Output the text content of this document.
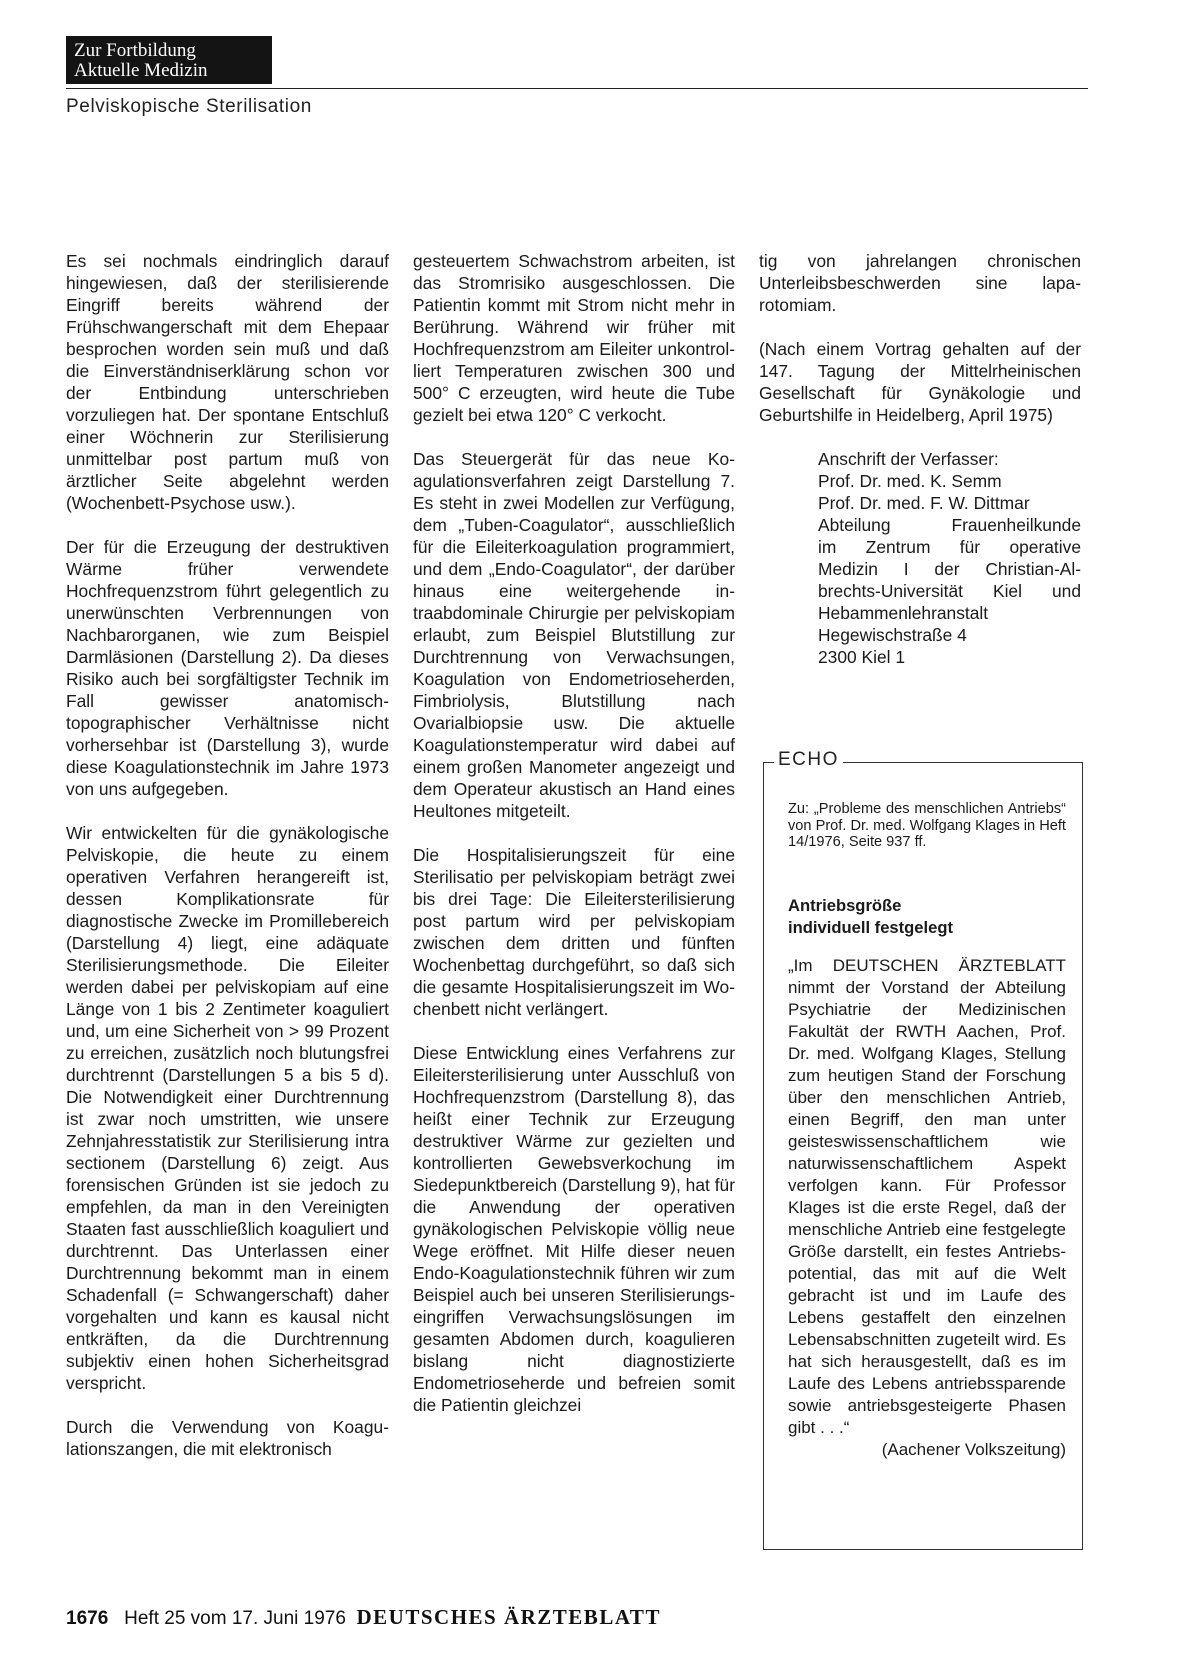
Zur Fortbildung
Aktuelle Medizin
Pelviskopische Sterilisation

Es sei nochmals eindringlich darauf hingewiesen, daß der sterilisierende Eingriff bereits während der Frühschwangerschaft mit dem Ehepaar besprochen worden sein muß und daß die Einverständniserklärung schon vor der Entbindung unterschrieben vorzuliegen hat. Der spontane Entschluß einer Wöchnerin zur Sterilisierung unmittelbar post partum muß von ärztlicher Seite abgelehnt werden (Wochenbett-Psychose usw.).

Der für die Erzeugung der destruktiven Wärme früher verwendete Hochfrequenzstrom führt gelegentlich zu unerwünschten Verbrennungen von Nachbarorganen, wie zum Beispiel Darmläsionen (Darstellung 2). Da dieses Risiko auch bei sorgfältigster Technik im Fall gewisser anatomisch-topographischer Verhältnisse nicht vorhersehbar ist (Darstellung 3), wurde diese Koagulationstechnik im Jahre 1973 von uns aufgegeben.

Wir entwickelten für die gynäkologische Pelviskopie, die heute zu einem operativen Verfahren herangereift ist, dessen Komplikationsrate für diagnostische Zwecke im Promillebereich (Darstellung 4) liegt, eine adäquate Sterilisierungsmethode. Die Eileiter werden dabei per pelviskopiam auf eine Länge von 1 bis 2 Zentimeter koaguliert und, um eine Sicherheit von > 99 Prozent zu erreichen, zusätzlich noch blutungsfrei durchtrennt (Darstellungen 5 a bis 5 d). Die Notwendigkeit einer Durchtrennung ist zwar noch umstritten, wie unsere Zehnjahresstatistik zur Sterilisierung intra sectionem (Darstellung 6) zeigt. Aus forensischen Gründen ist sie jedoch zu empfehlen, da man in den Vereinigten Staaten fast ausschließlich koaguliert und durchtrennt. Das Unterlassen einer Durchtrennung bekommt man in einem Schadenfall (= Schwangerschaft) daher vorgehalten und kann es kausal nicht entkräften, da die Durchtrennung subjektiv einen hohen Sicherheitsgrad verspricht.

Durch die Verwendung von Koagulationszangen, die mit elektronisch

gesteuertem Schwachstrom arbeiten, ist das Stromrisiko ausgeschlossen. Die Patientin kommt mit Strom nicht mehr in Berührung. Während wir früher mit Hochfrequenzstrom am Eileiter unkontrolliert Temperaturen zwischen 300 und 500° C erzeugten, wird heute die Tube gezielt bei etwa 120° C verkocht.

Das Steuergerät für das neue Koagulationsverfahren zeigt Darstellung 7. Es steht in zwei Modellen zur Verfügung, dem „Tuben-Coagulator“, ausschließlich für die Eileiterkoagulation programmiert, und dem „Endo-Coagulator“, der darüber hinaus eine weitergehende intraabdominale Chirurgie per pelviskopiam erlaubt, zum Beispiel Blutstillung zur Durchtrennung von Verwachsungen, Koagulation von Endometrioseherden, Fimbriolysis, Blutstillung nach Ovarialbiopsie usw. Die aktuelle Koagulationstemperatur wird dabei auf einem großen Manometer angezeigt und dem Operateur akustisch an Hand eines Heultones mitgeteilt.

Die Hospitalisierungszeit für eine Sterilisatio per pelviskopiam beträgt zwei bis drei Tage: Die Eileitersterilisierung post partum wird per pelviskopiam zwischen dem dritten und fünften Wochenbettag durchgeführt, so daß sich die gesamte Hospitalisierungszeit im Wochenbett nicht verlängert.

Diese Entwicklung eines Verfahrens zur Eileitersterilisierung unter Ausschluß von Hochfrequenzstrom (Darstellung 8), das heißt einer Technik zur Erzeugung destruktiver Wärme zur gezielten und kontrollierten Gewebsverkochung im Siedepunktbereich (Darstellung 9), hat für die Anwendung der operativen gynäkologischen Pelviskopie völlig neue Wege eröffnet. Mit Hilfe dieser neuen Endo-Koagulationstechnik führen wir zum Beispiel auch bei unseren Sterilisierungseingriffen Verwachsungslösungen im gesamten Abdomen durch, koagulieren bislang nicht diagnostizierte Endometrioseherde und befreien somit die Patientin gleichzei

tig von jahrelangen chronischen Unterleibsbeschwerden sine laparotomiam.

(Nach einem Vortrag gehalten auf der 147. Tagung der Mittelrheinischen Gesellschaft für Gynäkologie und Geburtshilfe in Heidelberg, April 1975)

Anschrift der Verfasser:
Prof. Dr. med. K. Semm
Prof. Dr. med. F. W. Dittmar
Abteilung Frauenheilkunde
im Zentrum für operative
Medizin I der Christian-Al-
brechts-Universität Kiel und
Hebammenlehranstalt
Hegewischstraße 4
2300 Kiel 1
ECHO
Zu: „Probleme des menschlichen Antriebs“ von Prof. Dr. med. Wolfgang Klages in Heft 14/1976, Seite 937 ff.
Antriebsgröße
individuell festgelegt
„Im DEUTSCHEN ÄRZTEBLATT nimmt der Vorstand der Abteilung Psychiatrie der Medizinischen Fakultät der RWTH Aachen, Prof. Dr. med. Wolfgang Klages, Stellung zum heutigen Stand der Forschung über den menschlichen Antrieb, einen Begriff, den man unter geisteswissenschaftlichem wie naturwissenschaftlichem Aspekt verfolgen kann. Für Professor Klages ist die erste Regel, daß der menschliche Antrieb eine festgelegte Größe darstellt, ein festes Antriebspotential, das mit auf die Welt gebracht ist und im Laufe des Lebens gestaffelt den einzelnen Lebensabschnitten zugeteilt wird. Es hat sich herausgestellt, daß es im Laufe des Lebens antriebssparende sowie antriebsgesteigerte Phasen gibt . . .“
(Aachener Volkszeitung)
1676 Heft 25 vom 17. Juni 1976 DEUTSCHES ÄRZTEBLATT
